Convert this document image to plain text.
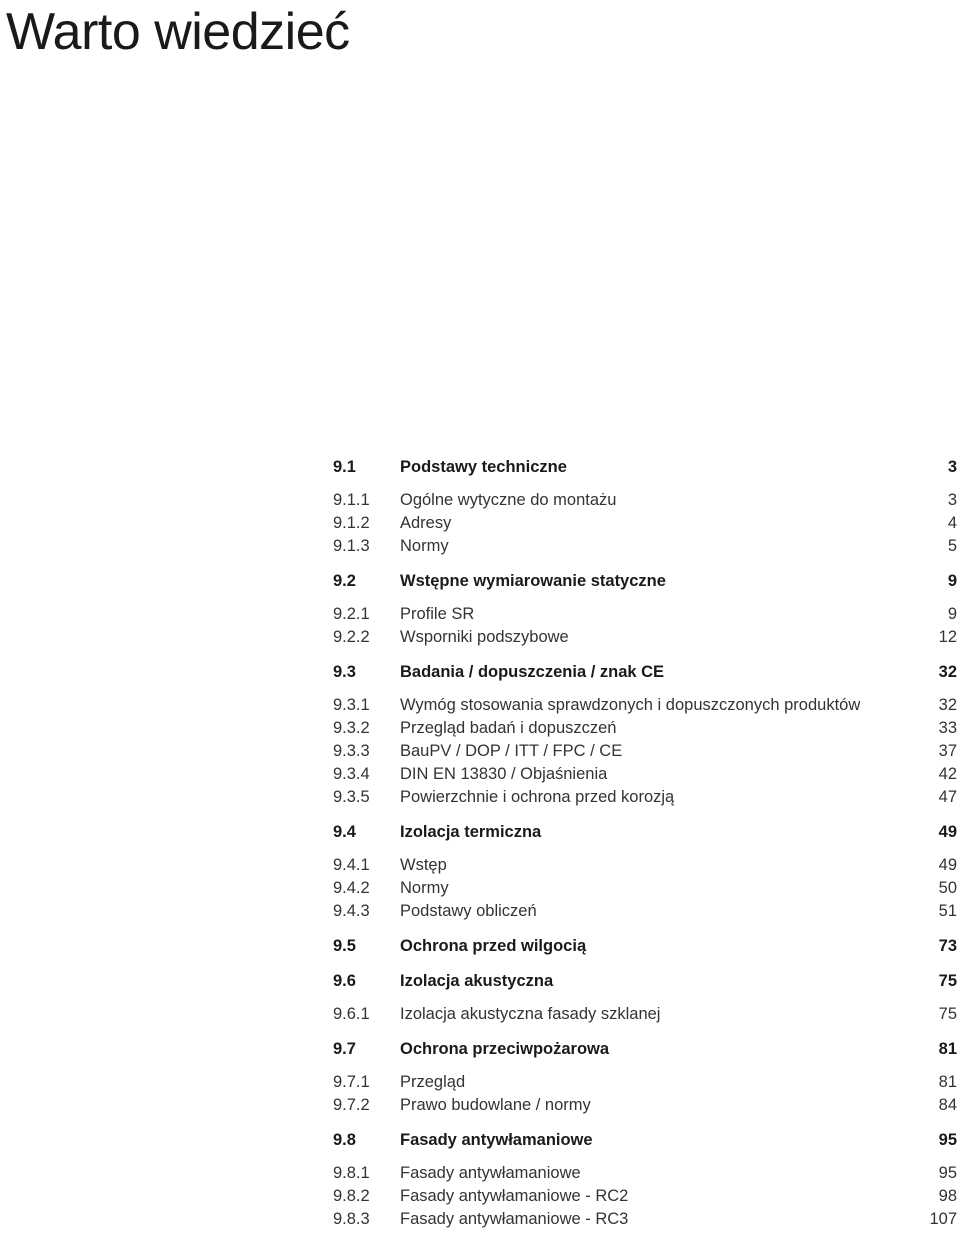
Warto wiedzieć
9.1	Podstawy techniczne	3
9.1.1	Ogólne wytyczne do montażu	3
9.1.2	Adresy	4
9.1.3	Normy	5
9.2	Wstępne wymiarowanie statyczne	9
9.2.1	Profile SR	9
9.2.2	Wsporniki podszybowe	12
9.3	Badania / dopuszczenia / znak CE	32
9.3.1	Wymóg stosowania sprawdzonych i dopuszczonych produktów	32
9.3.2	Przegląd badań i dopuszczeń	33
9.3.3	BauPV / DOP / ITT / FPC / CE	37
9.3.4	DIN EN 13830 / Objaśnienia	42
9.3.5	Powierzchnie i ochrona przed korozją	47
9.4	Izolacja termiczna	49
9.4.1	Wstęp	49
9.4.2	Normy	50
9.4.3	Podstawy obliczeń	51
9.5	Ochrona przed wilgocią	73
9.6	Izolacja akustyczna	75
9.6.1	Izolacja akustyczna fasady szklanej	75
9.7	Ochrona przeciwpożarowa	81
9.7.1	Przegląd	81
9.7.2	Prawo budowlane / normy	84
9.8	Fasady antywłamaniowe	95
9.8.1	Fasady antywłamaniowe	95
9.8.2	Fasady antywłamaniowe - RC2	98
9.8.3	Fasady antywłamaniowe - RC3	107
